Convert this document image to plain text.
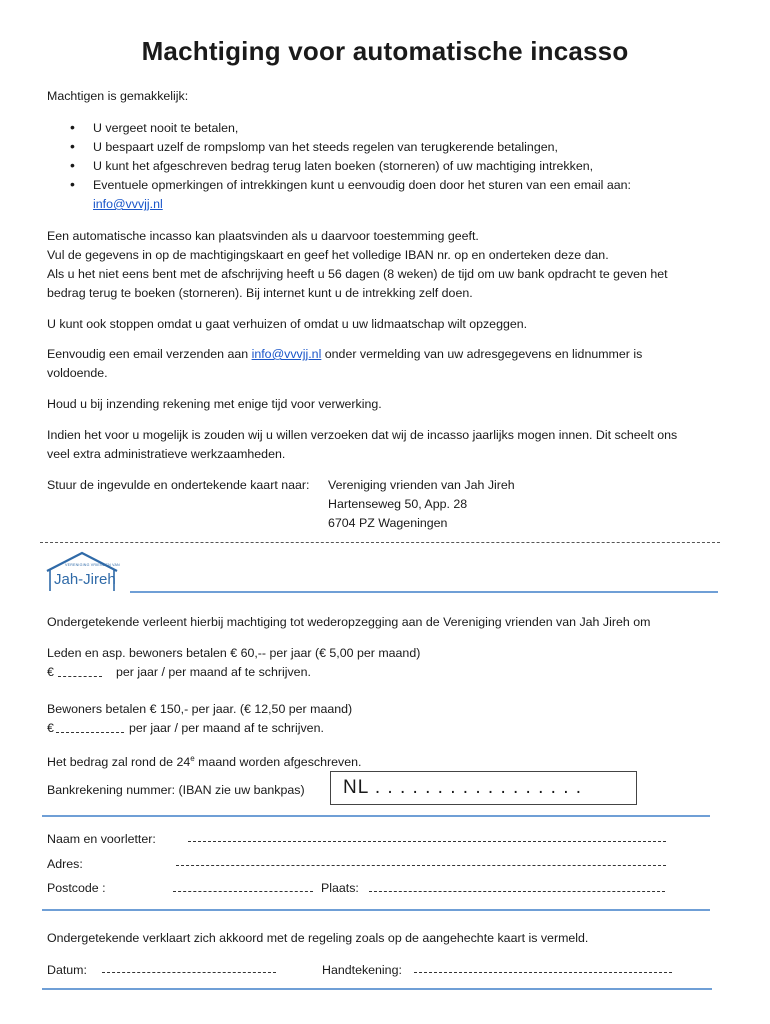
Machtiging voor automatische incasso
Machtigen is gemakkelijk:
• U vergeet nooit te betalen,
• U bespaart uzelf de rompslomp van het steeds regelen van terugkerende betalingen,
• U kunt het afgeschreven bedrag terug laten boeken (storneren) of uw machtiging intrekken,
• Eventuele opmerkingen of intrekkingen kunt u eenvoudig doen door het sturen van een email aan:
info@vvvjj.nl
Een automatische incasso kan plaatsvinden als u daarvoor toestemming geeft.
Vul de gegevens in op de machtigingskaart en geef het volledige IBAN nr. op en onderteken deze dan.
Als u het niet eens bent met de afschrijving heeft u 56 dagen (8 weken) de tijd om uw bank opdracht te geven het
bedrag terug te boeken (storneren). Bij internet kunt u de intrekking zelf doen.
U kunt ook stoppen omdat u gaat verhuizen of omdat u uw lidmaatschap wilt opzeggen.
Eenvoudig een email verzenden aan info@vvvjj.nl onder vermelding van uw adresgegevens en lidnummer is
voldoende.
Houd u bij inzending rekening met enige tijd voor verwerking.
Indien het voor u mogelijk is zouden wij u willen verzoeken dat wij de incasso jaarlijks mogen innen. Dit scheelt ons
veel extra administratieve werkzaamheden.
Stuur de ingevulde en ondertekende kaart naar: Vereniging vrienden van Jah Jireh
Hartenseweg 50, App. 28
6704 PZ Wageningen
VERENIGING VRIENDEN VAN
Jah-Jireh
Ondergetekende verleent hierbij machtiging tot wederopzegging aan de Vereniging vrienden van Jah Jireh om
Leden en asp. bewoners betalen € 60,-- per jaar (€ 5,00 per maand)
€	per jaar / per maand af te schrijven.
Bewoners betalen € 150,- per jaar. (€ 12,50 per maand)
€	per jaar / per maand af te schrijven.
Het bedrag zal rond de 24e maand worden afgeschreven.
Bankrekening nummer: (IBAN zie uw bankpas) NL . . . . . . . . . . . . . . . . .
Naam en voorletter:
Adres:
Postcode :	Plaats:
Ondergetekende verklaart zich akkoord met de regeling zoals op de aangehechte kaart is vermeld.
Datum:	Handtekening:
